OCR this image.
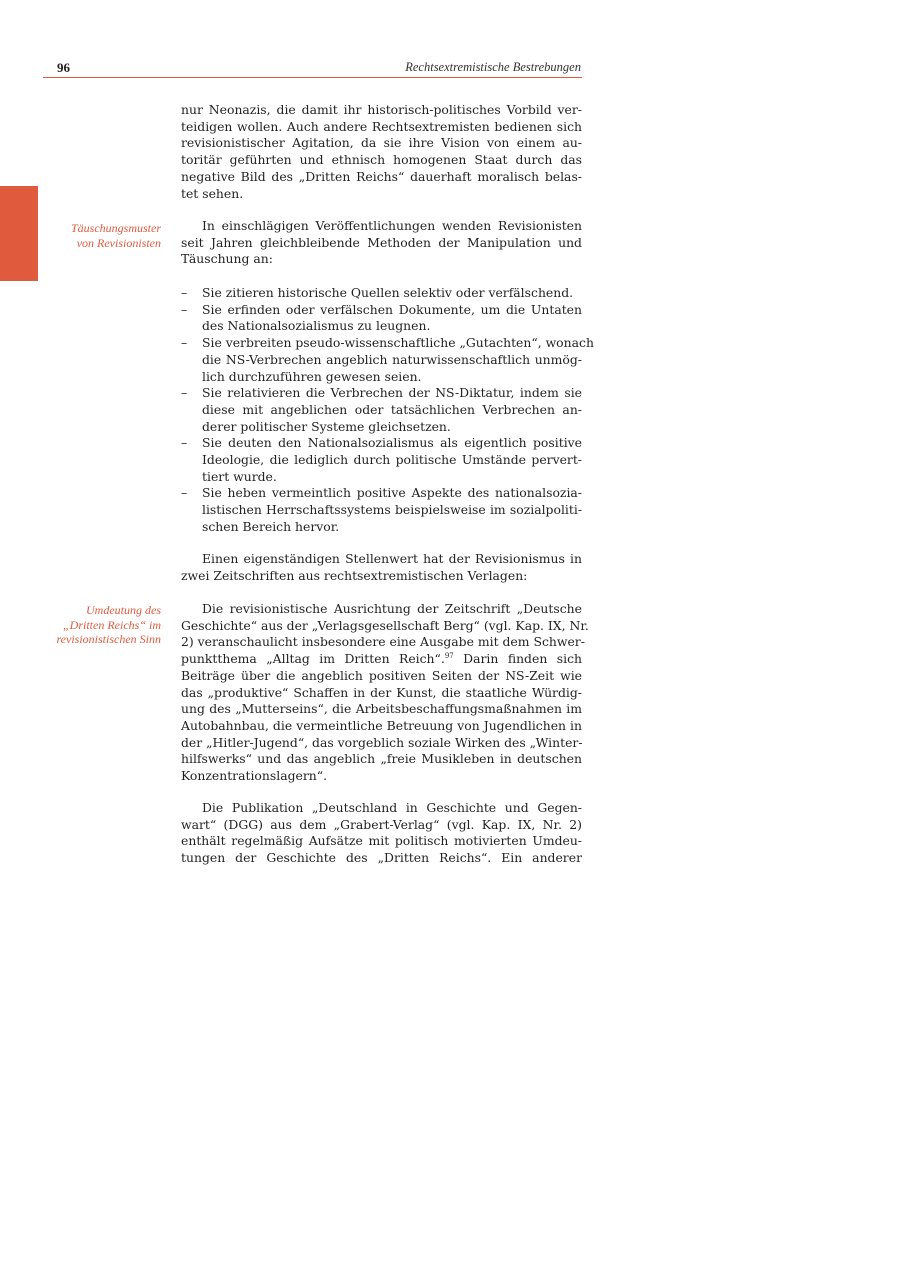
96	Rechtsextremistische Bestrebungen
Täuschungsmuster
von Revisionisten
Umdeutung des
„Dritten Reichs“ im
revisionistischen Sinn
nur Neonazis, die damit ihr historisch-politisches Vorbild ver-
teidigen wollen. Auch andere Rechtsextremisten bedienen sich
revisionistischer Agitation, da sie ihre Vision von einem au-
toritär geführten und ethnisch homogenen Staat durch das
negative Bild des „Dritten Reichs“ dauerhaft moralisch belas-
tet sehen.
In einschlägigen Veröffentlichungen wenden Revisionisten
seit Jahren gleichbleibende Methoden der Manipulation und
Täuschung an:
– Sie zitieren historische Quellen selektiv oder verfälschend.
– Sie erfinden oder verfälschen Dokumente, um die Untaten
des Nationalsozialismus zu leugnen.
– Sie verbreiten pseudo-wissenschaftliche „Gutachten“, wonach
die NS-Verbrechen angeblich naturwissenschaftlich unmög-
lich durchzuführen gewesen seien.
– Sie relativieren die Verbrechen der NS-Diktatur, indem sie
diese mit angeblichen oder tatsächlichen Verbrechen an-
derer politischer Systeme gleichsetzen.
– Sie deuten den Nationalsozialismus als eigentlich positive
Ideologie, die lediglich durch politische Umstände pervert-
tiert wurde.
– Sie heben vermeintlich positive Aspekte des nationalsozia-
listischen Herrschaftssystems beispielsweise im sozialpoliti-
schen Bereich hervor.
Einen eigenständigen Stellenwert hat der Revisionismus in
zwei Zeitschriften aus rechtsextremistischen Verlagen:
Die revisionistische Ausrichtung der Zeitschrift „Deutsche
Geschichte“ aus der „Verlagsgesellschaft Berg“ (vgl. Kap. IX, Nr.
2) veranschaulicht insbesondere eine Ausgabe mit dem Schwer-
punktthema „Alltag im Dritten Reich“.$^{97}$ Darin finden sich
Beiträge über die angeblich positiven Seiten der NS-Zeit wie
das „produktive“ Schaffen in der Kunst, die staatliche Würdig-
ung des „Mutterseins“, die Arbeitsbeschaffungsmaßnahmen im
Autobahnbau, die vermeintliche Betreuung von Jugendlichen in
der „Hitler-Jugend“, das vorgeblich soziale Wirken des „Winter-
hilfswerks“ und das angeblich „freie Musikleben in deutschen
Konzentrationslagern“.
Die Publikation „Deutschland in Geschichte und Gegen-
wart“ (DGG) aus dem „Grabert-Verlag“ (vgl. Kap. IX, Nr. 2)
enthält regelmäßig Aufsätze mit politisch motivierten Umdeu-
tungen der Geschichte des „Dritten Reichs“. Ein anderer
